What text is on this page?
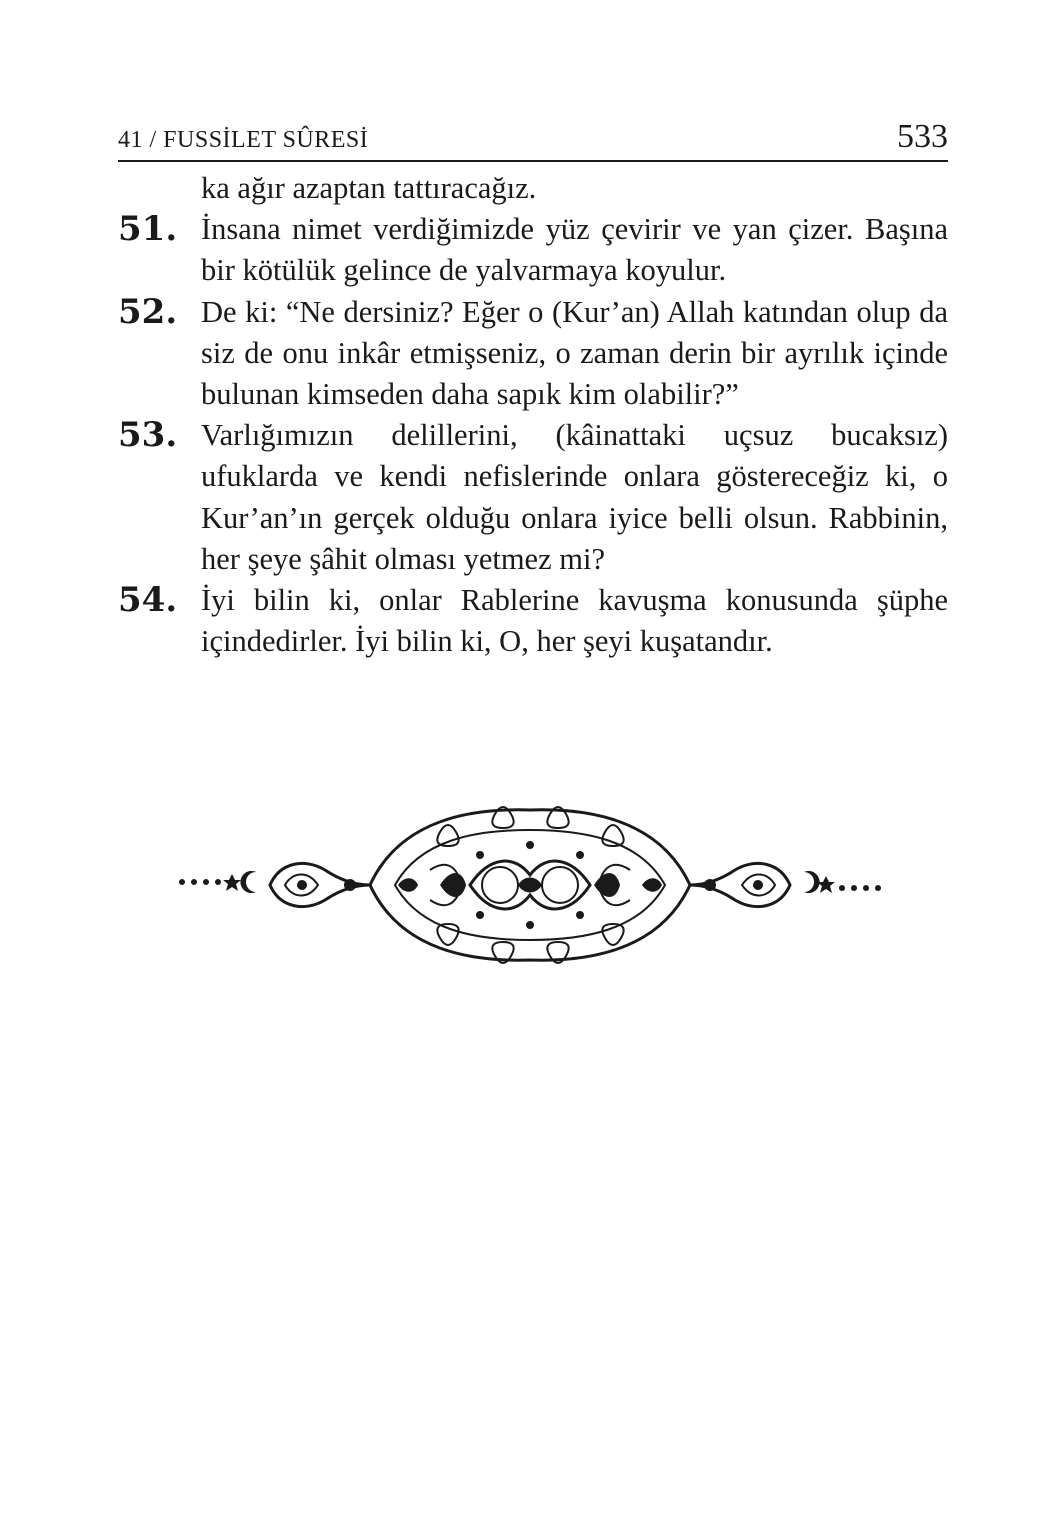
41 / FUSSİLET SÛRESİ	533
ka ağır azaptan tattıracağız.
51. İnsana nimet verdiğimizde yüz çevirir ve yan çizer. Başına bir kötülük gelince de yalvarmaya koyulur.
52. De ki: “Ne dersiniz? Eğer o (Kur’an) Allah katından olup da siz de onu inkâr etmişseniz, o zaman derin bir ayrılık içinde bulunan kimseden daha sapık kim olabilir?”
53. Varlığımızın delillerini, (kâinattaki uçsuz bucaksız) ufuklarda ve kendi nefislerinde onlara göstereceğiz ki, o Kur’an’ın gerçek olduğu onlara iyice belli olsun. Rabbinin, her şeye şâhit olması yetmez mi?
54. İyi bilin ki, onlar Rablerine kavuşma konusunda şüphe içindedirler. İyi bilin ki, O, her şeyi kuşatandır.
